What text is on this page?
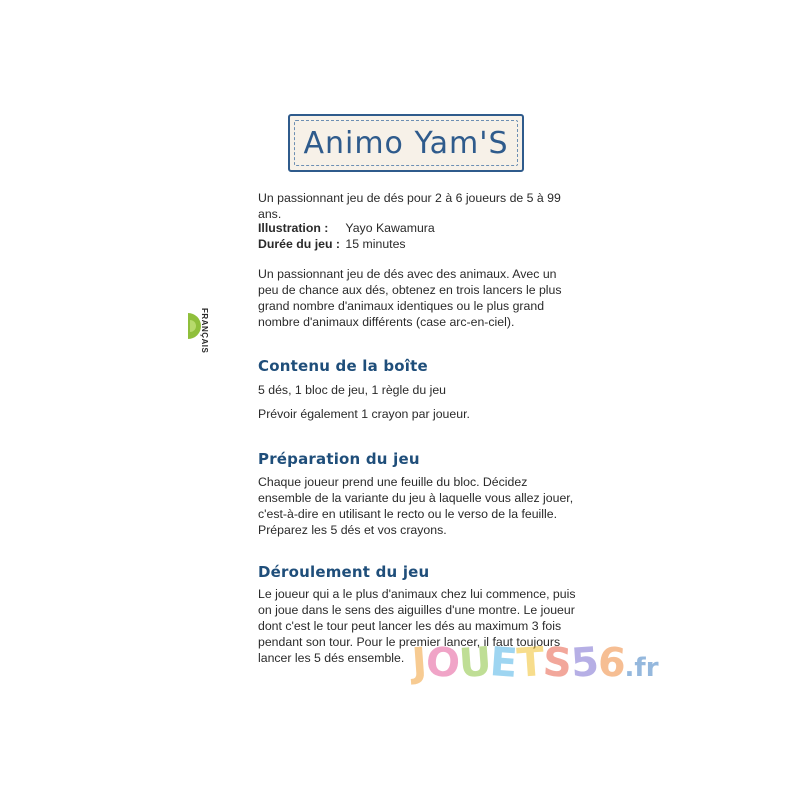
Animo Yam'S
FRANÇAIS

Un passionnant jeu de dés pour 2 à 6 joueurs de 5 à 99 ans.

Illustration : Yayo Kawamura
Durée du jeu : 15 minutes

Un passionnant jeu de dés avec des animaux. Avec un peu de chance aux dés, obtenez en trois lancers le plus grand nombre d'animaux identiques ou le plus grand nombre d'animaux différents (case arc-en-ciel).

Contenu de la boîte

5 dés, 1 bloc de jeu, 1 règle du jeu

Prévoir également 1 crayon par joueur.

Préparation du jeu

Chaque joueur prend une feuille du bloc. Décidez ensemble de la variante du jeu à laquelle vous allez jouer, c'est-à-dire en utilisant le recto ou le verso de la feuille. Préparez les 5 dés et vos crayons.

Déroulement du jeu

Le joueur qui a le plus d'animaux chez lui commence, puis on joue dans le sens des aiguilles d'une montre. Le joueur dont c'est le tour peut lancer les dés au maximum 3 fois pendant son tour. Pour le premier lancer, il faut toujours lancer les 5 dés ensemble. JOUETS56.fr
